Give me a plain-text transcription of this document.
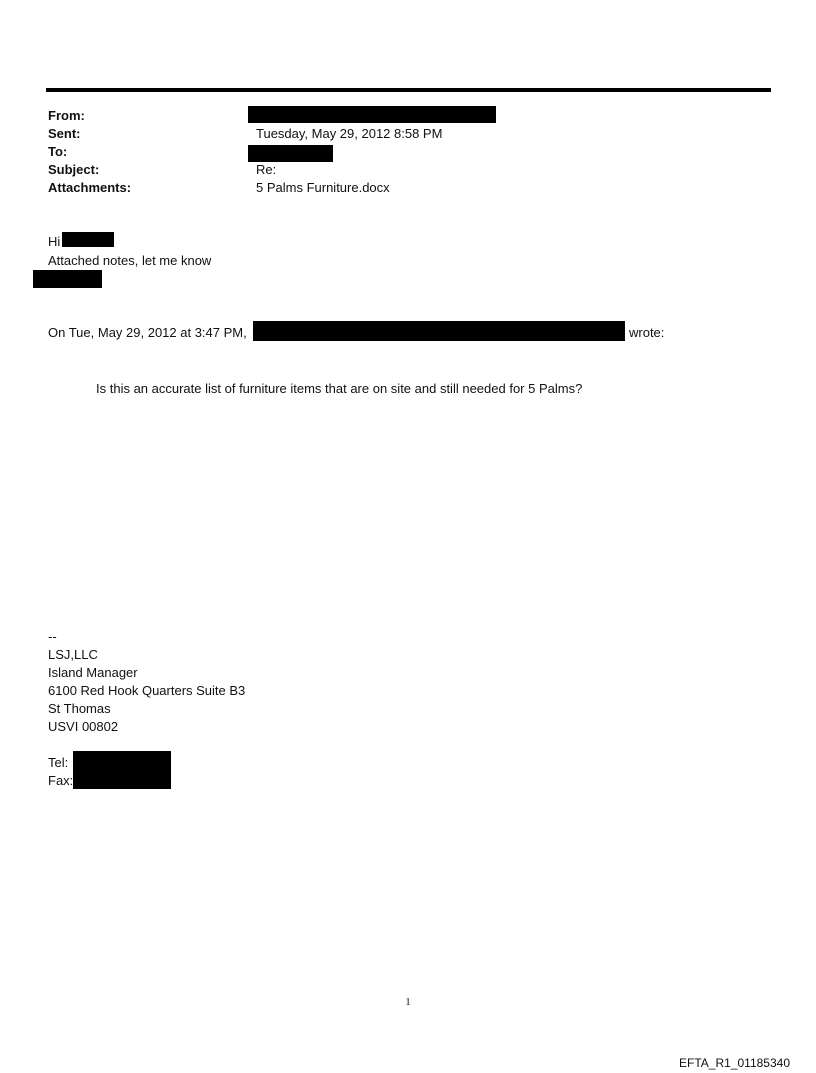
From:
Sent:
To:
Subject:
Attachments:
Tuesday, May 29, 2012 8:58 PM
Re:
5 Palms Furniture.docx
Hi
Attached notes, let me know
On Tue, May 29, 2012 at 3:47 PM,	wrote:
Is this an accurate list of furniture items that are on site and still needed for 5 Palms?
--
LSJ,LLC
Island Manager
6100 Red Hook Quarters Suite B3
St Thomas
USVI 00802
Tel:
Fax:
1
EFTA_R1_01185340
